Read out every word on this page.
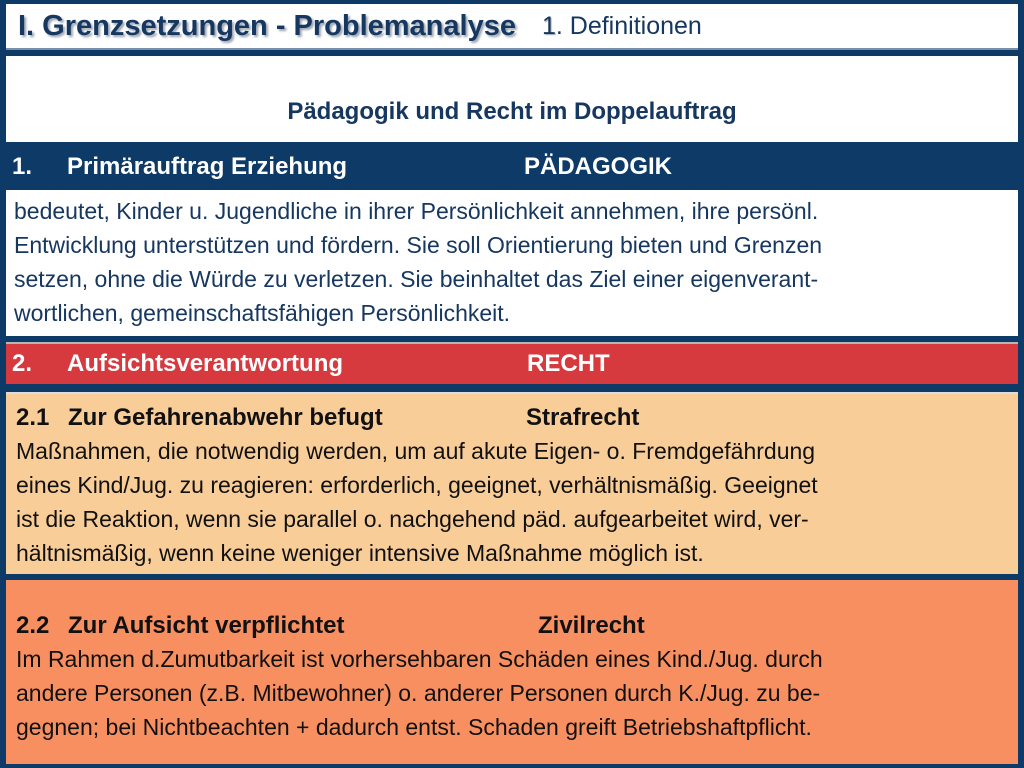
I. Grenzsetzungen - Problemanalyse 1 . Definitionen
Pädagogik und Recht im Doppelauftrag
1. Primärauftrag Erziehung	PÄDAGOGIK

bedeutet, Kinder u. Jugendliche in ihrer Persönlichkeit annehmen, ihre persönl.

Entwicklung unterstützen und fördern. Sie soll Orientierung bieten und Grenzen

setzen, ohne die Würde zu verletzen. Sie beinhaltet das Ziel einer eigenverant-

wortlichen, gemeinschaftsfähigen Persönlichkeit.

2. Aufsichtsverantwortung	RECHT
2.1 Zur Gefahrenabwehr befugt	Strafrecht

Maßnahmen, die notwendig werden, um auf akute Eigen- o. Fremdgefährdung

eines Kind/Jug. zu reagieren: erforderlich, geeignet, verhältnismäßig. Geeignet

ist die Reaktion, wenn sie parallel o. nachgehend päd. aufgearbeitet wird, ver-

hältnismäßig, wenn keine weniger intensive Maßnahme möglich ist.

2.2 Zur Aufsicht verpflichtet	Zivilrecht

Im Rahmen d.Zumutbarkeit ist vorhersehbaren Schäden eines Kind./Jug. durch

andere Personen (z.B. Mitbewohner) o. anderer Personen durch K./Jug. zu be-

gegnen; bei Nichtbeachten + dadurch entst. Schaden greift Betriebshaftpflicht.
